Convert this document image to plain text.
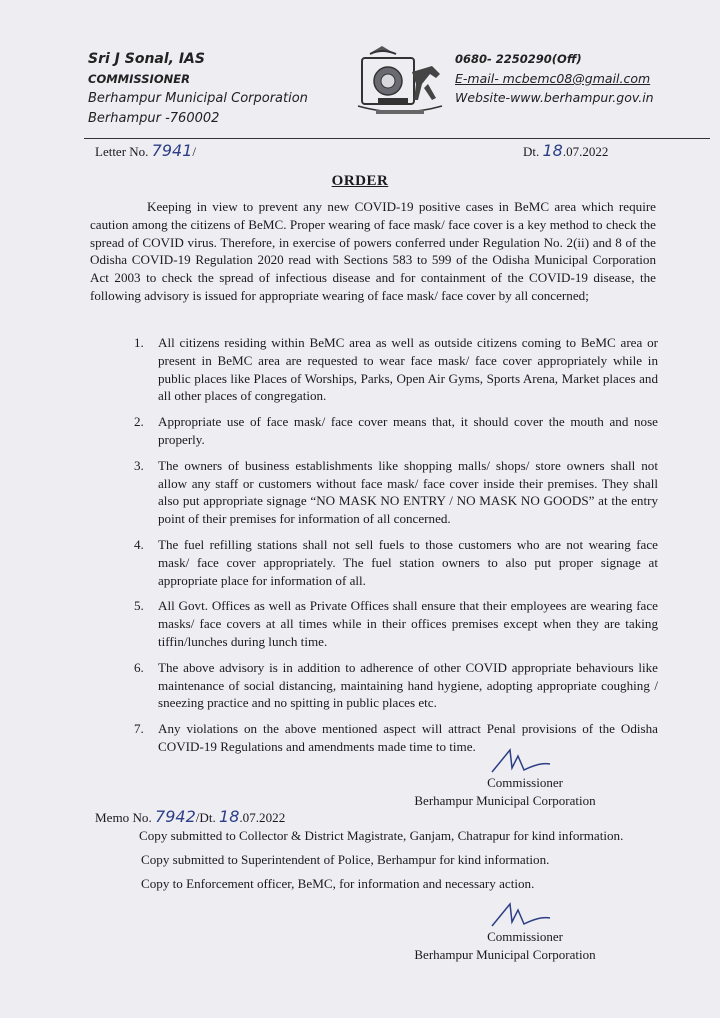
Sri J Sonal, IAS
COMMISSIONER
Berhampur Municipal Corporation
Berhampur -760002
0680- 2250290(Off)
E-mail- mcbemc08@gmail.com
Website-www.berhampur.gov.in
Letter No. 7941/	Dt. 18.07.2022
ORDER
Keeping in view to prevent any new COVID-19 positive cases in BeMC area which require caution among the citizens of BeMC. Proper wearing of face mask/ face cover is a key method to check the spread of COVID virus. Therefore, in exercise of powers conferred under Regulation No. 2(ii) and 8 of the Odisha COVID-19 Regulation 2020 read with Sections 583 to 599 of the Odisha Municipal Corporation Act 2003 to check the spread of infectious disease and for containment of the COVID-19 disease, the following advisory is issued for appropriate wearing of face mask/ face cover by all concerned;
1. All citizens residing within BeMC area as well as outside citizens coming to BeMC area or present in BeMC area are requested to wear face mask/ face cover appropriately while in public places like Places of Worships, Parks, Open Air Gyms, Sports Arena, Market places and all other places of congregation.
2. Appropriate use of face mask/ face cover means that, it should cover the mouth and nose properly.
3. The owners of business establishments like shopping malls/ shops/ store owners shall not allow any staff or customers without face mask/ face cover inside their premises. They shall also put appropriate signage “NO MASK NO ENTRY / NO MASK NO GOODS” at the entry point of their premises for information of all concerned.
4. The fuel refilling stations shall not sell fuels to those customers who are not wearing face mask/ face cover appropriately. The fuel station owners to also put proper signage at appropriate place for information of all.
5. All Govt. Offices as well as Private Offices shall ensure that their employees are wearing face masks/ face covers at all times while in their offices premises except when they are taking tiffin/lunches during lunch time.
6. The above advisory is in addition to adherence of other COVID appropriate behaviours like maintenance of social distancing, maintaining hand hygiene, adopting appropriate coughing / sneezing practice and no spitting in public places etc.
7. Any violations on the above mentioned aspect will attract Penal provisions of the Odisha COVID-19 Regulations and amendments made time to time.
Commissioner
Berhampur Municipal Corporation
Memo No. 7942/Dt. 18.07.2022
Copy submitted to Collector & District Magistrate, Ganjam, Chatrapur for kind information.
Copy submitted to Superintendent of Police, Berhampur for kind information.
Copy to Enforcement officer, BeMC, for information and necessary action.
Commissioner
Berhampur Municipal Corporation
